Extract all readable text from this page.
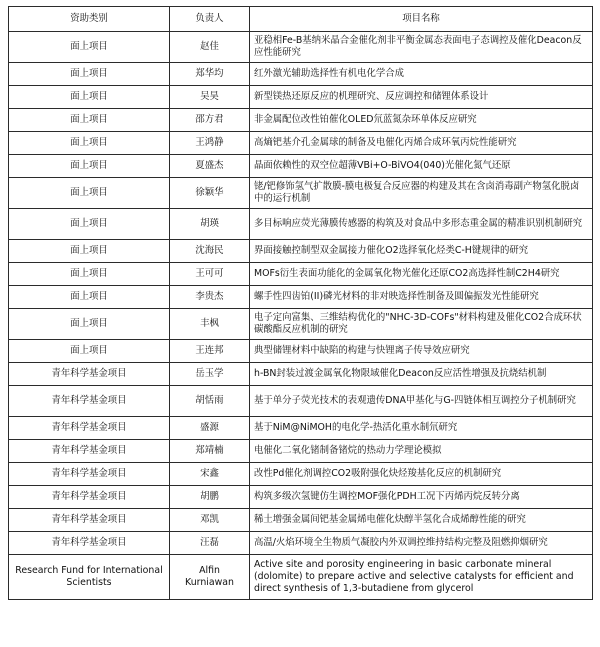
资助类别	负责人	项目名称
面上项目	赵佳	亚稳相Fe-B基纳米晶合金催化剂非平衡金属态表面电子态调控及催化Deacon反应性能研究
面上项目	郑华均	红外激光辅助选择性有机电化学合成
面上项目	吴昊	新型镁热还原反应的机理研究、反应调控和储锂体系设计
面上项目	邵方君	非金属配位改性铂催化OLED氘蓝氮杂环单体反应研究
面上项目	王鸿静	高熵钯基介孔金属球的制备及电催化丙烯合成环氧丙烷性能研究
面上项目	夏盛杰	晶面依赖性的双空位超薄VBi+O-BiVO4(040)光催化氮气还原
面上项目	徐颖华	铑/钯修饰氢气扩散膜-膜电极复合反应器的构建及其在含卤消毒副产物氢化脱卤中的运行机制
面上项目	胡瑛	多目标响应荧光薄膜传感器的构筑及对食品中多形态重金属的精准识别机制研究
面上项目	沈海民	界面接触控制型双金属接力催化O2选择氧化烃类C-H键规律的研究
面上项目	王可可	MOFs衍生表面功能化的金属氧化物光催化还原CO2高选择性制C2H4研究
面上项目	李贵杰	螺手性四齿铂(II)磷光材料的非对映选择性制备及圆偏振发光性能研究
面上项目	丰枫	电子定向富集、三维结构优化的"NHC-3D-COFs"材料构建及催化CO2合成环状碳酸酯反应机制的研究
面上项目	王连邦	典型储锂材料中缺陷的构建与快锂离子传导效应研究
青年科学基金项目	岳玉学	h-BN封装过渡金属氧化物限域催化Deacon反应活性增强及抗烧结机制
青年科学基金项目	胡恬雨	基于单分子荧光技术的表观遗传DNA甲基化与G-四链体相互调控分子机制研究
青年科学基金项目	盛源	基于NiM@NiMOH的电化学-热活化重水制氘研究
青年科学基金项目	郑靖楠	电催化二氧化锗制备锗烷的热动力学理论模拟
青年科学基金项目	宋鑫	改性Pd催化剂调控CO2吸附强化炔烃羧基化反应的机制研究
青年科学基金项目	胡鹏	构筑多级次氢键仿生调控MOF强化PDH工况下丙烯丙烷反转分离
青年科学基金项目	邓凯	稀土增强金属间钯基金属烯电催化炔醇半氢化合成烯醇性能的研究
青年科学基金项目	汪磊	高温/火焰环境全生物质气凝胶内外双调控维持结构完整及阻燃抑烟研究
Research Fund for International Scientists	Alfin Kurniawan	Active site and porosity engineering in basic carbonate mineral (dolomite) to prepare active and selective catalysts for efficient and direct synthesis of 1,3-butadiene from glycerol
